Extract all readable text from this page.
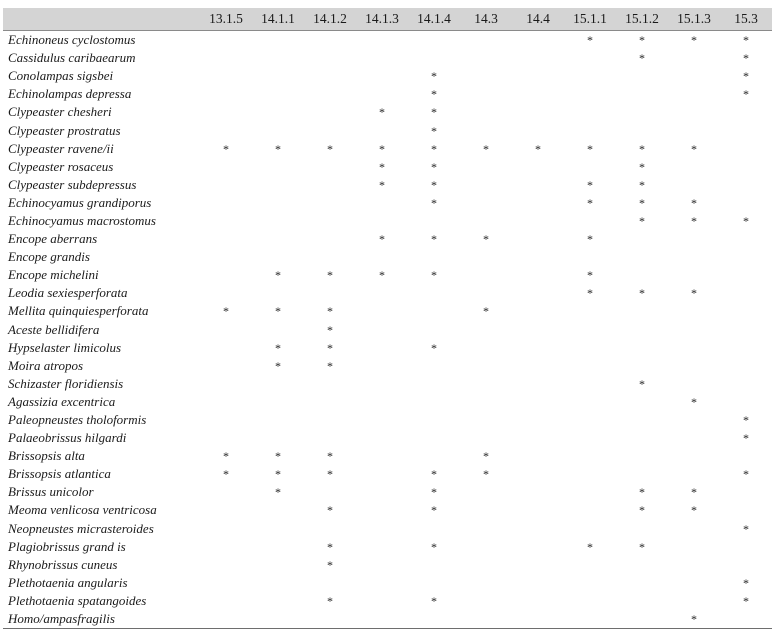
	13.1.5	14.1.1	14.1.2	14.1.3	14.1.4	14.3	14.4	15.1.1	15.1.2	15.1.3	15.3
Echinoneus cyclostomus								*	*	*	*
Cassidulus caribaearum									*		*
Conolampas sigsbei					*						*
Echinolampas depressa					*						*
Clypeaster chesheri				*	*						
Clypeaster prostratus					*						
Clypeaster ravene/ii	*	*	*	*	*	*	*	*	*	*	
Clypeaster rosaceus				*	*				*		
Clypeaster subdepressus				*	*			*	*		
Echinocyamus grandiporus					*			*	*	*	
Echinocyamus macrostomus									*	*	*
Encope aberrans				*	*	*		*			
Encope grandis											
Encope michelini		*	*	*	*			*			
Leodia sexiesperforata								*	*	*	
Mellita quinquiesperforata	*	*	*			*					
Aceste bellidifera			*								
Hypselaster limicolus		*	*		*						
Moira atropos		*	*								
Schizaster floridiensis									*		
Agassizia excentrica										*	
Paleopneustes tholoformis											*
Palaeobrissus hilgardi											*
Brissopsis alta	*	*	*			*					
Brissopsis atlantica	*	*	*		*	*					*
Brissus unicolor		*			*				*	*	
Meoma venlicosa ventricosa			*		*				*	*	
Neopneustes micrasteroides											*
Plagiobrissus grand is			*		*			*	*		
Rhynobrissus cuneus			*								
Plethotaenia angularis											*
Plethotaenia spatangoides			*		*						*
Homo/ampasfragilis										*	
